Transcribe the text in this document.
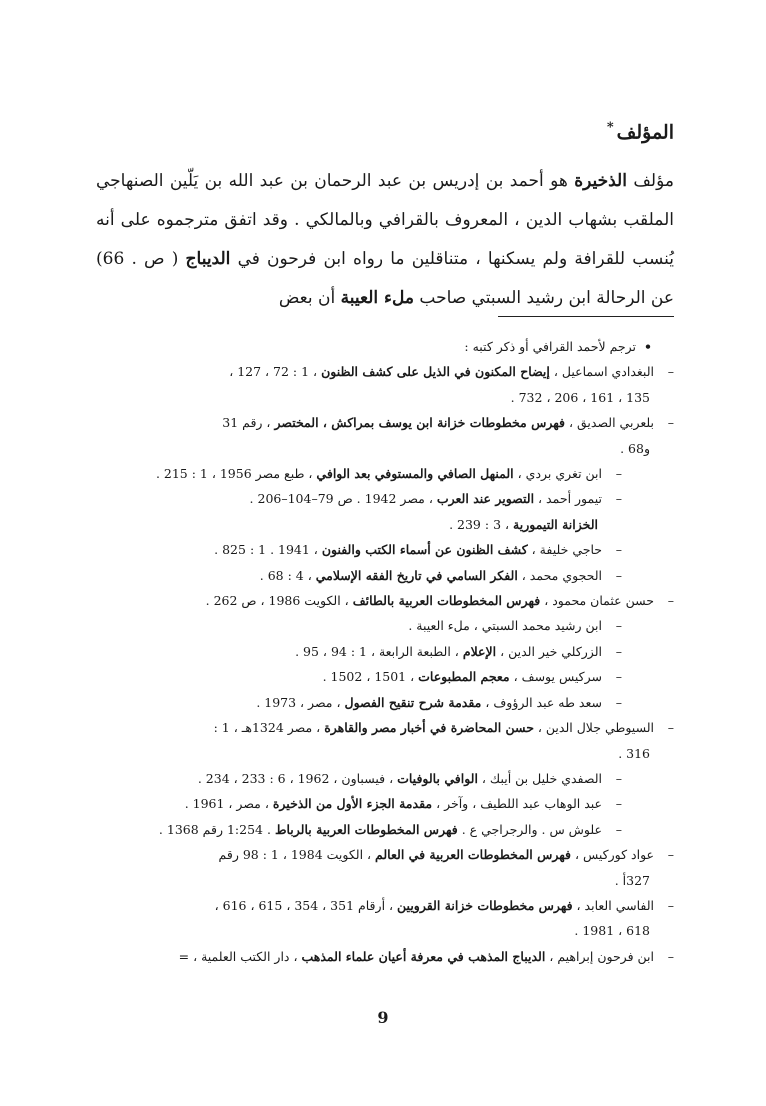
المؤلف*

مؤلف الذخيرة هو أحمد بن إدريس بن عبد الرحمان بن عبد الله بن يَلّين الصنهاجي الملقب بشهاب الدين ، المعروف بالقرافي وبالمالكي . وقد اتفق مترجموه على أنه يُنسب للقرافة ولم يسكنها ، متناقلين ما رواه ابن فرحون في الديباج ( ص . 66) عن الرحالة ابن رشيد السبتي صاحب ملء العيبة أن بعض

•ترجم لأحمد القرافي أو ذكر كتبه :

–
البغدادي اسماعيل ، إيضاح المكنون في الذيل على كشف الظنون ، 1 : 72 ، 127 ،

135 ، 161 ، 206 ، 732 .

–
بلعربي الصديق ، فهرس مخطوطات خزانة ابن يوسف بمراكش ، المختصر ، رقم 31

و68 .

–
ابن تغري بردي ، المنهل الصافي والمستوفي بعد الوافي ، طبع مصر 1956 ، 1 : 215 .
–
تيمور أحمد ، التصوير عند العرب ، مصر 1942 . ص 79–104–206 .

الخزانة التيمورية ، 3 : 239 .

–
حاجي خليفة ، كشف الظنون عن أسماء الكتب والفنون ، 1941 . 1 : 825 .
–
الحجوي محمد ، الفكر السامي في تاريخ الفقه الإسلامي ، 4 : 68 .
–
حسن عثمان محمود ، فهرس المخطوطات العربية بالطائف ، الكويت 1986 ، ص 262 .
–
ابن رشيد محمد السبتي ، ملء العيبة .
–
الزركلي خير الدين ، الإعلام ، الطبعة الرابعة ، 1 : 94 ، 95 .
–
سركيس يوسف ، معجم المطبوعات ، 1501 ، 1502 .
–
سعد طه عبد الرؤوف ، مقدمة شرح تنقيح الفصول ، مصر ، 1973 .
–
السيوطي جلال الدين ، حسن المحاضرة في أخبار مصر والقاهرة ، مصر 1324هـ ، 1 :

316 .

–
الصفدي خليل بن أيبك ، الوافي بالوفيات ، فيسباون ، 1962 ، 6 : 233 ، 234 .
–
عبد الوهاب عبد اللطيف ، وآخر ، مقدمة الجزء الأول من الذخيرة ، مصر ، 1961 .
–
علوش س . والرجراجي ع . فهرس المخطوطات العربية بالرباط . 1:254 رقم 1368 .
–
عواد كوركيس ، فهرس المخطوطات العربية في العالم ، الكويت 1984 ، 1 : 98 رقم

327أ .

–
الفاسي العابد ، فهرس مخطوطات خزانة القرويين ، أرقام 351 ، 354 ، 615 ، 616 ،

618 ، 1981 .

–
ابن فرحون إبراهيم ، الديباج المذهب في معرفة أعيان علماء المذهب ، دار الكتب العلمية ، =
9
